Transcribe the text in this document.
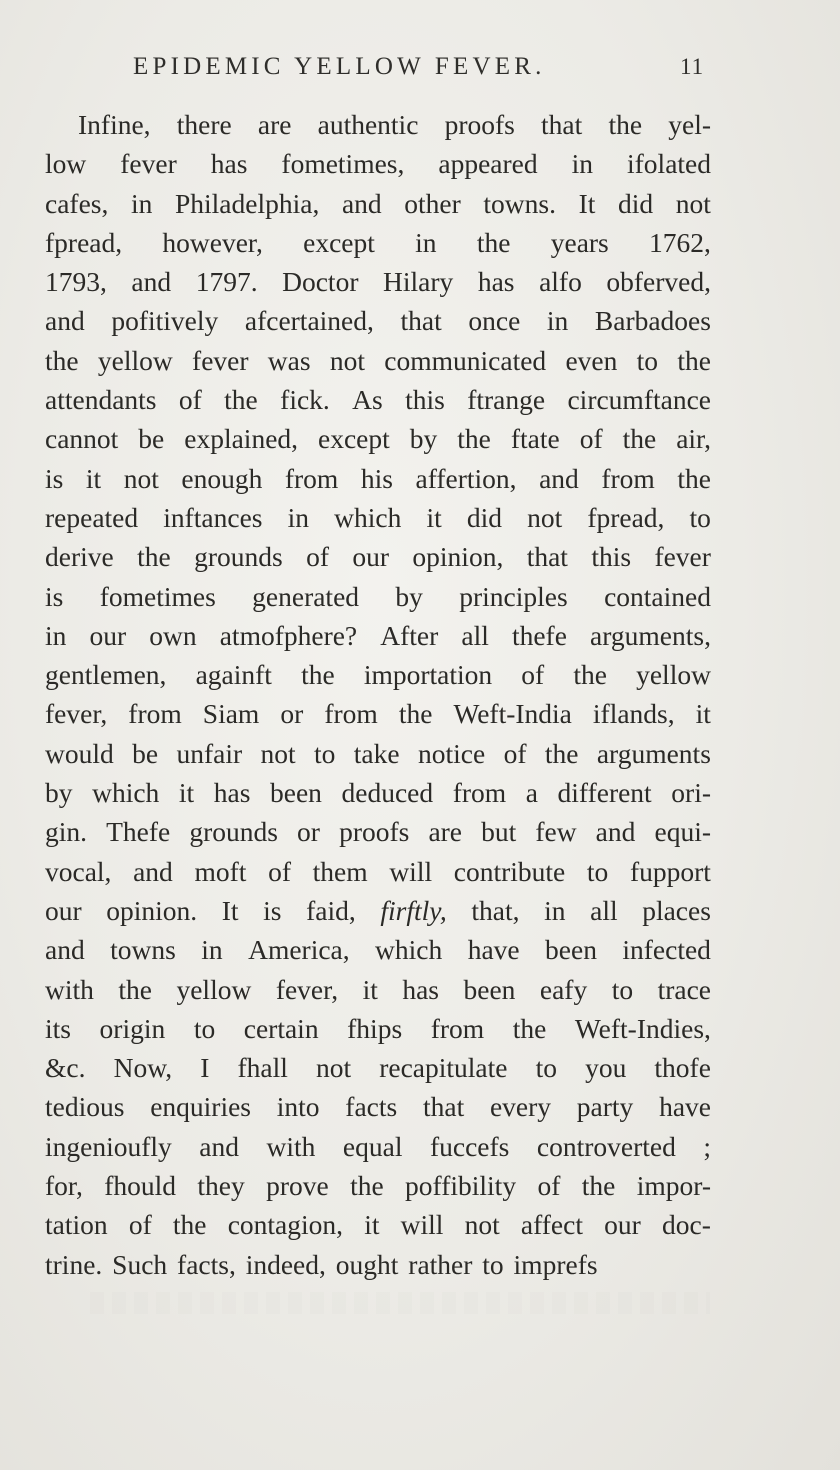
EPIDEMIC YELLOW FEVER.	11
Infine, there are authentic proofs that the yel-
low fever has fometimes, appeared in ifolated
cafes, in Philadelphia, and other towns. It did not
fpread, however, except in the years 1762,
1793, and 1797. Doctor Hilary has alfo obferved,
and pofitively afcertained, that once in Barbadoes
the yellow fever was not communicated even to the
attendants of the fick. As this ftrange circumftance
cannot be explained, except by the ftate of the air,
is it not enough from his affertion, and from the
repeated inftances in which it did not fpread, to
derive the grounds of our opinion, that this fever
is fometimes generated by principles contained
in our own atmofphere? After all thefe arguments,
gentlemen, againft the importation of the yellow
fever, from Siam or from the Weft-India iflands, it
would be unfair not to take notice of the arguments
by which it has been deduced from a different ori-
gin. Thefe grounds or proofs are but few and equi-
vocal, and moft of them will contribute to fupport
our opinion. It is faid, firftly, that, in all places
and towns in America, which have been infected
with the yellow fever, it has been eafy to trace
its origin to certain fhips from the Weft-Indies,
&c. Now, I fhall not recapitulate to you thofe
tedious enquiries into facts that every party have
ingenioufly and with equal fuccefs controverted ;
for, fhould they prove the poffibility of the impor-
tation of the contagion, it will not affect our doc-
trine.
Such
facts,
indeed,
ought
rather
to
imprefs
